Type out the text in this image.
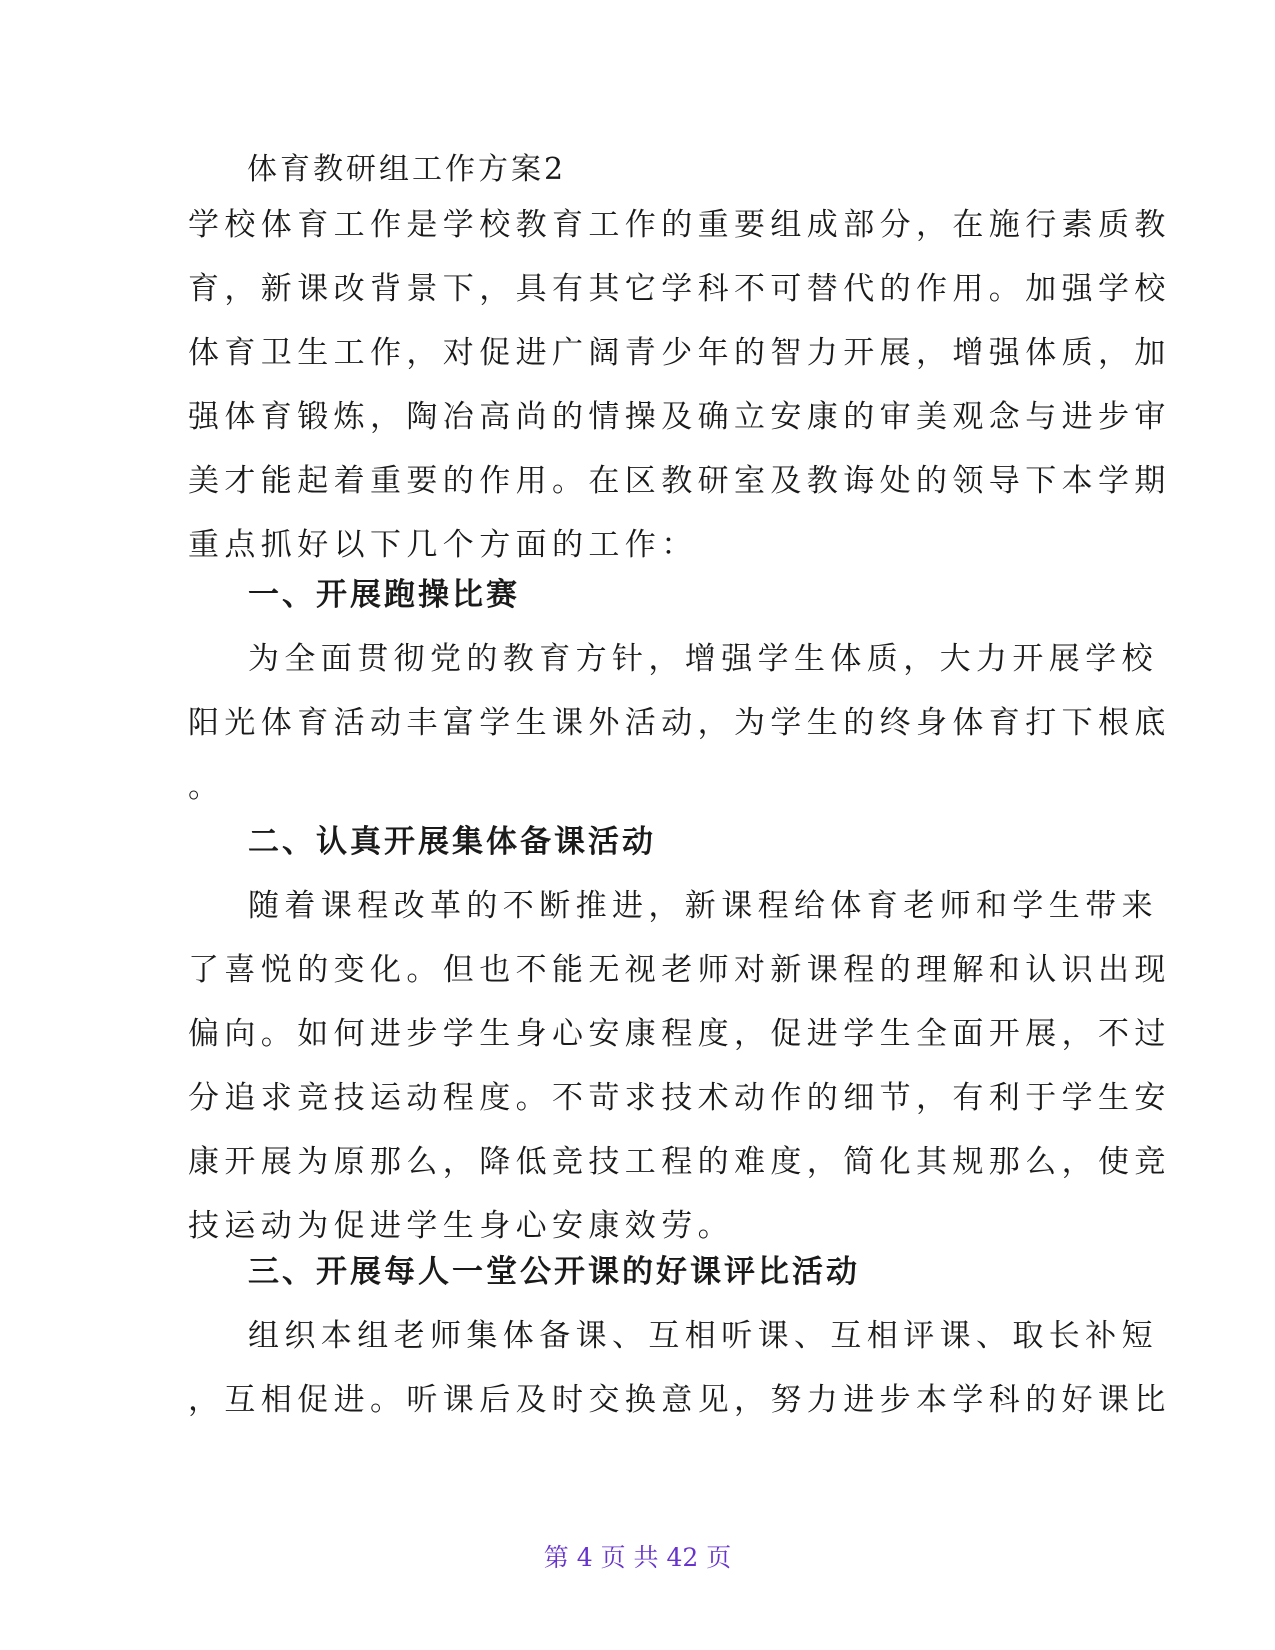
体育教研组工作方案2
学校体育工作是学校教育工作的重要组成部分，在施行素质教
育，新课改背景下，具有其它学科不可替代的作用。加强学校
体育卫生工作，对促进广阔青少年的智力开展，增强体质，加
强体育锻炼，陶冶高尚的情操及确立安康的审美观念与进步审
美才能起着重要的作用。在区教研室及教诲处的领导下本学期
重点抓好以下几个方面的工作：
一、开展跑操比赛
为全面贯彻党的教育方针，增强学生体质，大力开展学校
阳光体育活动丰富学生课外活动，为学生的终身体育打下根底
。
二、认真开展集体备课活动
随着课程改革的不断推进，新课程给体育老师和学生带来
了喜悦的变化。但也不能无视老师对新课程的理解和认识出现
偏向。如何进步学生身心安康程度，促进学生全面开展，不过
分追求竞技运动程度。不苛求技术动作的细节，有利于学生安
康开展为原那么，降低竞技工程的难度，简化其规那么，使竞
技运动为促进学生身心安康效劳。
三、开展每人一堂公开课的好课评比活动
组织本组老师集体备课、互相听课、互相评课、取长补短
，互相促进。听课后及时交换意见，努力进步本学科的好课比
第 4 页 共 42 页
